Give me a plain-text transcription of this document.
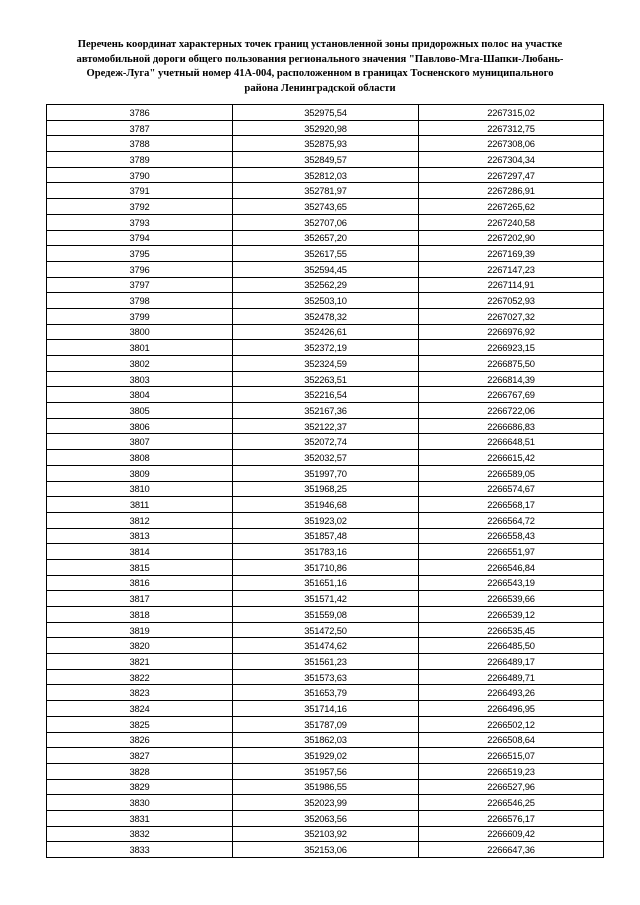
Перечень координат характерных точек границ установленной зоны придорожных полос на участке
автомобильной дороги общего пользования регионального значения "Павлово-Мга-Шапки-Любань-
Оредеж-Луга" учетный номер 41А-004, расположенном в границах Тосненского муниципального
района Ленинградской области
3786	352975,54	2267315,02
3787	352920,98	2267312,75
3788	352875,93	2267308,06
3789	352849,57	2267304,34
3790	352812,03	2267297,47
3791	352781,97	2267286,91
3792	352743,65	2267265,62
3793	352707,06	2267240,58
3794	352657,20	2267202,90
3795	352617,55	2267169,39
3796	352594,45	2267147,23
3797	352562,29	2267114,91
3798	352503,10	2267052,93
3799	352478,32	2267027,32
3800	352426,61	2266976,92
3801	352372,19	2266923,15
3802	352324,59	2266875,50
3803	352263,51	2266814,39
3804	352216,54	2266767,69
3805	352167,36	2266722,06
3806	352122,37	2266686,83
3807	352072,74	2266648,51
3808	352032,57	2266615,42
3809	351997,70	2266589,05
3810	351968,25	2266574,67
3811	351946,68	2266568,17
3812	351923,02	2266564,72
3813	351857,48	2266558,43
3814	351783,16	2266551,97
3815	351710,86	2266546,84
3816	351651,16	2266543,19
3817	351571,42	2266539,66
3818	351559,08	2266539,12
3819	351472,50	2266535,45
3820	351474,62	2266485,50
3821	351561,23	2266489,17
3822	351573,63	2266489,71
3823	351653,79	2266493,26
3824	351714,16	2266496,95
3825	351787,09	2266502,12
3826	351862,03	2266508,64
3827	351929,02	2266515,07
3828	351957,56	2266519,23
3829	351986,55	2266527,96
3830	352023,99	2266546,25
3831	352063,56	2266576,17
3832	352103,92	2266609,42
3833	352153,06	2266647,36
